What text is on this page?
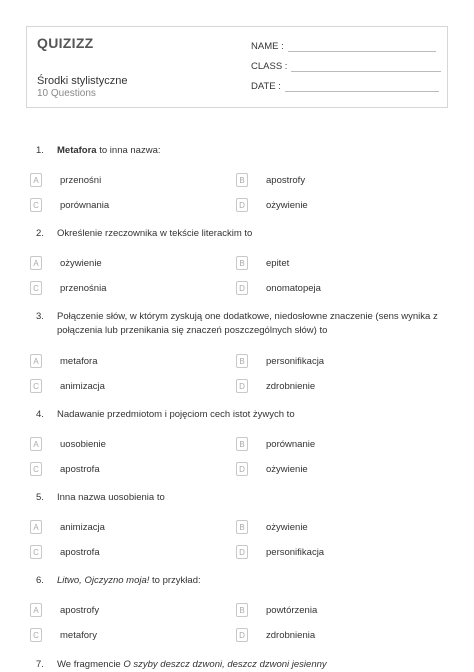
QUIZIZZ
Środki stylistyczne
10 Questions
NAME :
CLASS :
DATE :
1. Metafora to inna nazwa:
A	przenośni	B	apostrofy
C	porównania	D	ożywienie
2. Określenie rzeczownika w tekście literackim to
A	ożywienie	B	epitet
C	przenośnia	D	onomatopeja
3. Połączenie słów, w którym zyskują one dodatkowe, niedosłowne znaczenie (sens wynika z połączenia lub przenikania się znaczeń poszczególnych słów) to
A	metafora	B	personifikacja
C	animizacja	D	zdrobnienie
4. Nadawanie przedmiotom i pojęciom cech istot żywych to
A	uosobienie	B	porównanie
C	apostrofa	D	ożywienie
5. Inna nazwa uosobienia to
A	animizacja	B	ożywienie
C	apostrofa	D	personifikacja
6. Litwo, Ojczyzno moja! to przykład:
A	apostrofy	B	powtórzenia
C	metafory	D	zdrobnienia
7. We fragmencie O szyby deszcz dzwoni, deszcz dzwoni jesienny
